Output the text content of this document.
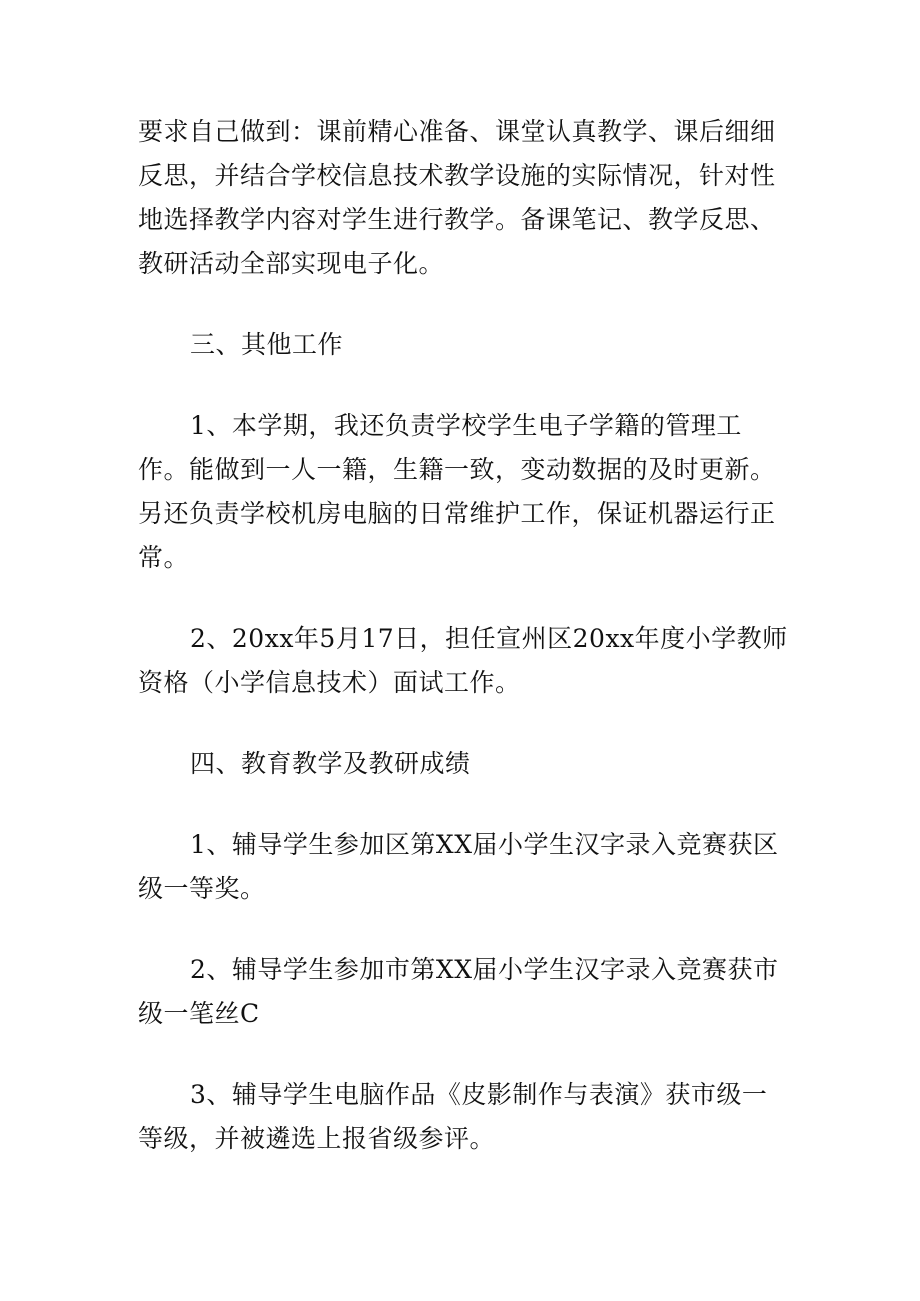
要求自己做到：课前精心准备、课堂认真教学、课后细细反思，并结合学校信息技术教学设施的实际情况，针对性地选择教学内容对学生进行教学。备课笔记、教学反思、教研活动全部实现电子化。

三、其他工作

1、本学期，我还负责学校学生电子学籍的管理工作。能做到一人一籍，生籍一致，变动数据的及时更新。另还负责学校机房电脑的日常维护工作，保证机器运行正常。

2、20xx年5月17日，担任宣州区20xx年度小学教师资格（小学信息技术）面试工作。

四、教育教学及教研成绩

1、辅导学生参加区第XX届小学生汉字录入竞赛获区级一等奖。

2、辅导学生参加市第XX届小学生汉字录入竞赛获市级一笔丝C

3、辅导学生电脑作品《皮影制作与表演》获市级一等级，并被遴选上报省级参评。
